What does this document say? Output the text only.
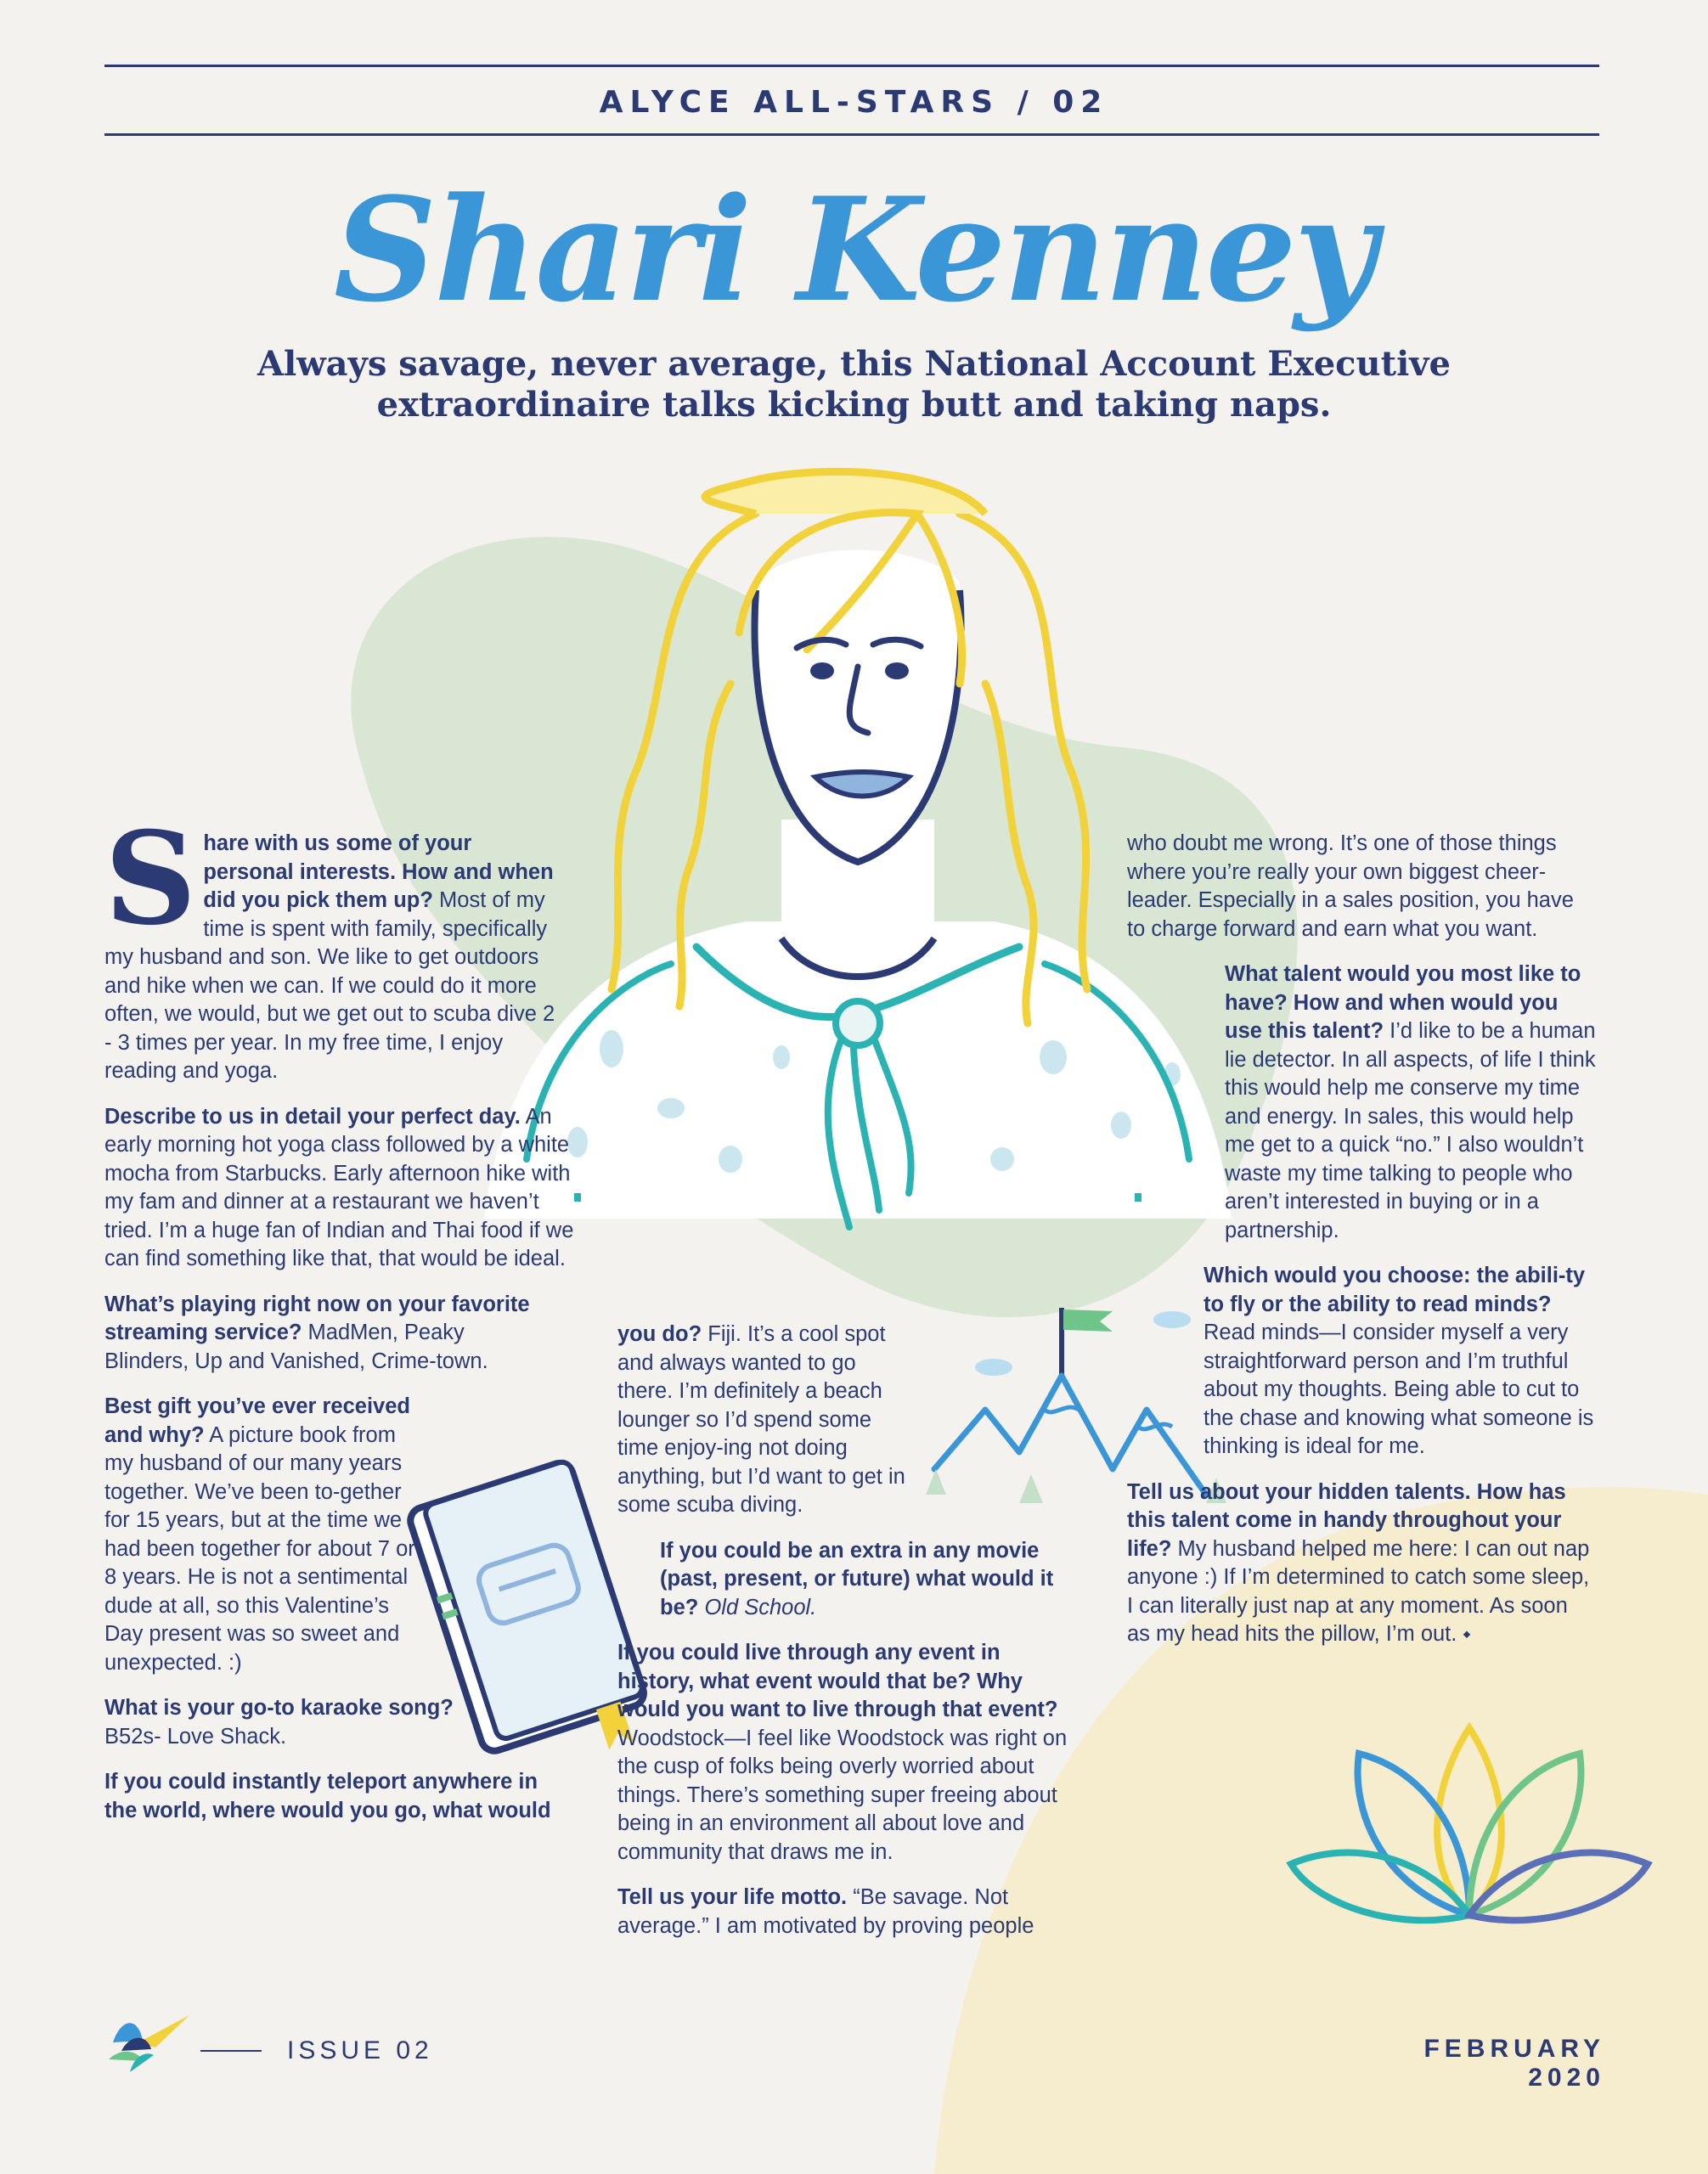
ALYCE ALL-STARS / 02
Shari Kenney
Always savage, never average, this National Account Executive
extraordinaire talks kicking butt and taking naps.

S hare with us some of your personal interests. How and when did you pick them up? Most of my time is spent with family, specifically my husband and son. We like to get outdoors and hike when we can. If we could do it more often, we would, but we get out to scuba dive 2 - 3 times per year. In my free time, I enjoy reading and yoga.

Describe to us in detail your perfect day. An early morning hot yoga class followed by a white mocha from Starbucks. Early afternoon hike with my fam and dinner at a restaurant we haven’t tried. I’m a huge fan of Indian and Thai food if we can find something like that, that would be ideal.

What’s playing right now on your favorite streaming service? MadMen, Peaky Blinders, Up and Vanished, Crime-town.

Best gift you’ve ever received and why? A picture book from my husband of our many years together. We’ve been to-gether for 15 years, but at the time we had been together for about 7 or 8 years. He is not a sentimental dude at all, so this Valentine’s Day present was so sweet and unexpected. :)

What is your go-to karaoke song? B52s- Love Shack.

If you could instantly teleport anywhere in the world, where would you go, what would

you do? Fiji. It’s a cool spot and always wanted to go there. I’m definitely a beach lounger so I’d spend some time enjoy-ing not doing anything, but I’d want to get in some scuba diving.

If you could be an extra in any movie (past, present, or future) what would it be? Old School.

If you could live through any event in history, what event would that be? Why would you want to live through that event? Woodstock—I feel like Woodstock was right on the cusp of folks being overly worried about things. There’s something super freeing about being in an environment all about love and community that draws me in.

Tell us your life motto. “Be savage. Not average.” I am motivated by proving people

who doubt me wrong. It’s one of those things where you’re really your own biggest cheer-leader. Especially in a sales position, you have to charge forward and earn what you want.

What talent would you most like to have? How and when would you use this talent? I’d like to be a human lie detector. In all aspects, of life I think this would help me conserve my time and energy. In sales, this would help me get to a quick “no.” I also wouldn’t waste my time talking to people who aren’t interested in buying or in a partnership.

Which would you choose: the abili-ty to fly or the ability to read minds? Read minds—I consider myself a very straightforward person and I’m truthful about my thoughts. Being able to cut to the chase and knowing what someone is thinking is ideal for me.

Tell us about your hidden talents. How has this talent come in handy throughout your life? My husband helped me here: I can out nap anyone :) If I’m determined to catch some sleep, I can literally just nap at any moment. As soon as my head hits the pillow, I’m out. ⬩

ISSUE 02	FEBRUARY 2020
